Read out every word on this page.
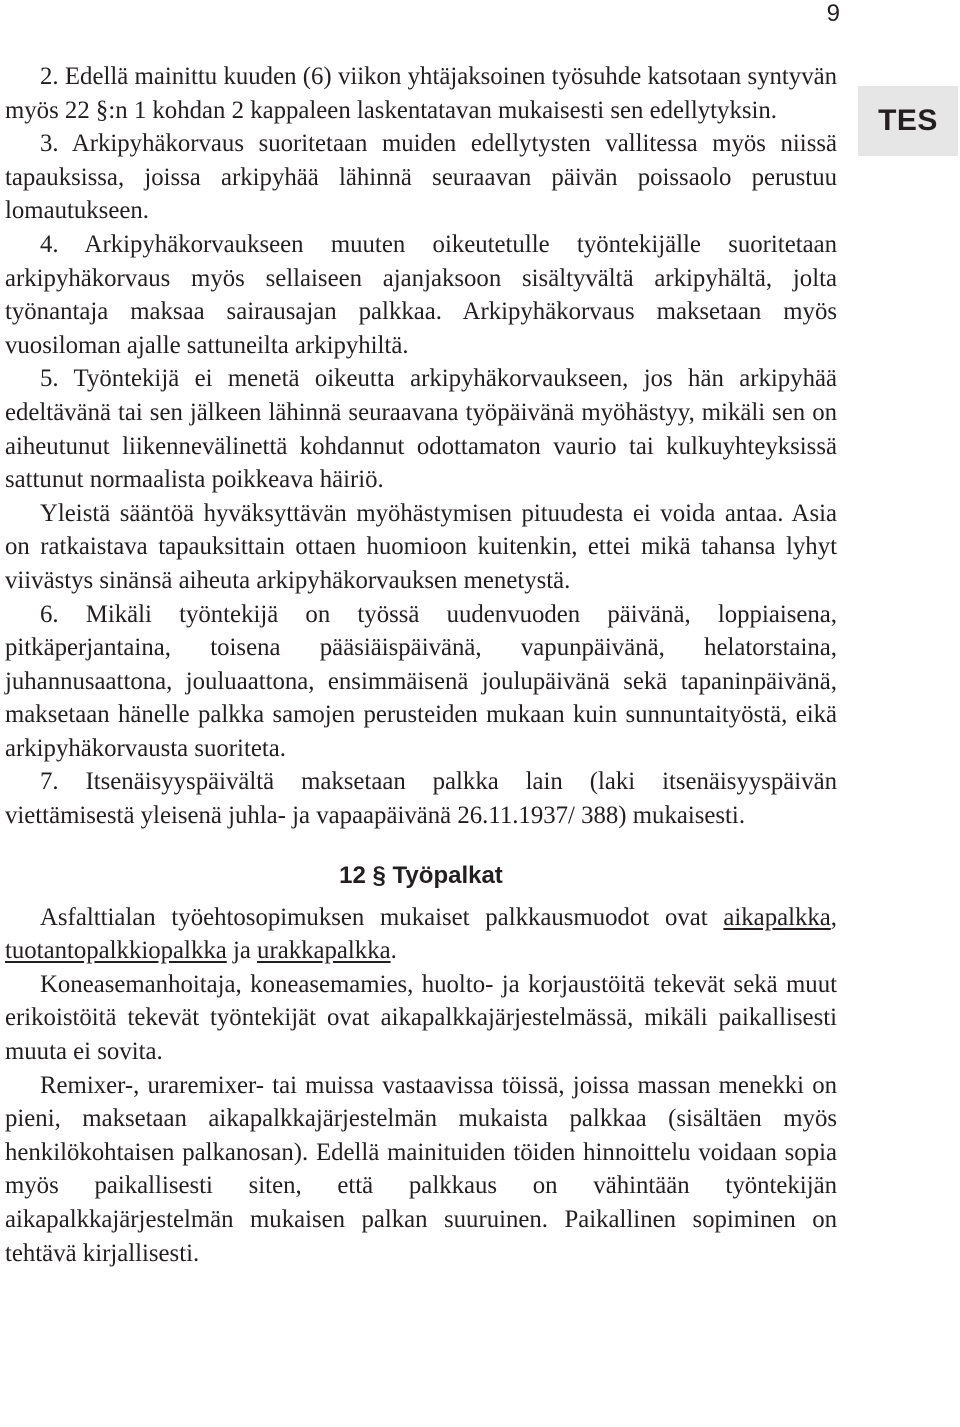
9
TES

2. Edellä mainittu kuuden (6) viikon yhtäjaksoinen työsuhde katsotaan syntyvän myös 22 §:n 1 kohdan 2 kappaleen laskentatavan mukaisesti sen edellytyksin.

3. Arkipyhäkorvaus suoritetaan muiden edellytysten vallitessa myös niissä tapauksissa, joissa arkipyhää lähinnä seuraavan päivän poissaolo perustuu lomautukseen.

4. Arkipyhäkorvaukseen muuten oikeutetulle työntekijälle suoritetaan arkipyhäkorvaus myös sellaiseen ajanjaksoon sisältyvältä arkipyhältä, jolta työnantaja maksaa sairausajan palkkaa. Arkipyhäkorvaus maksetaan myös vuosiloman ajalle sattuneilta arkipyhiltä.

5. Työntekijä ei menetä oikeutta arkipyhäkorvaukseen, jos hän arkipyhää edeltävänä tai sen jälkeen lähinnä seuraavana työpäivänä myöhästyy, mikäli sen on aiheutunut liikennevälinettä kohdannut odottamaton vaurio tai kulkuyhteyksissä sattunut normaalista poikkeava häiriö.

Yleistä sääntöä hyväksyttävän myöhästymisen pituudesta ei voida antaa. Asia on ratkaistava tapauksittain ottaen huomioon kuitenkin, ettei mikä tahansa lyhyt viivästys sinänsä aiheuta arkipyhäkorvauksen menetystä.

6. Mikäli työntekijä on työssä uudenvuoden päivänä, loppiaisena, pitkäperjantaina, toisena pääsiäispäivänä, vapunpäivänä, helatorstaina, juhannusaattona, jouluaattona, ensimmäisenä joulupäivänä sekä tapaninpäivänä, maksetaan hänelle palkka samojen perusteiden mukaan kuin sunnuntaityöstä, eikä arkipyhäkorvausta suoriteta.

7. Itsenäisyyspäivältä maksetaan palkka lain (laki itsenäisyyspäivän viettämisestä yleisenä juhla- ja vapaapäivänä 26.11.1937/ 388) mukaisesti.

12 § Työpalkat

Asfalttialan työehtosopimuksen mukaiset palkkausmuodot ovat aikapalkka, tuotantopalkkiopalkka ja urakkapalkka.

Koneasemanhoitaja, koneasemamies, huolto- ja korjaustöitä tekevät sekä muut erikoistöitä tekevät työntekijät ovat aikapalkkajärjestelmässä, mikäli paikallisesti muuta ei sovita.

Remixer-, uraremixer- tai muissa vastaavissa töissä, joissa massan menekki on pieni, maksetaan aikapalkkajärjestelmän mukaista palkkaa (sisältäen myös henkilökohtaisen palkanosan). Edellä mainituiden töiden hinnoittelu voidaan sopia myös paikallisesti siten, että palkkaus on vähintään työntekijän aikapalkkajärjestelmän mukaisen palkan suuruinen. Paikallinen sopiminen on tehtävä kirjallisesti.
